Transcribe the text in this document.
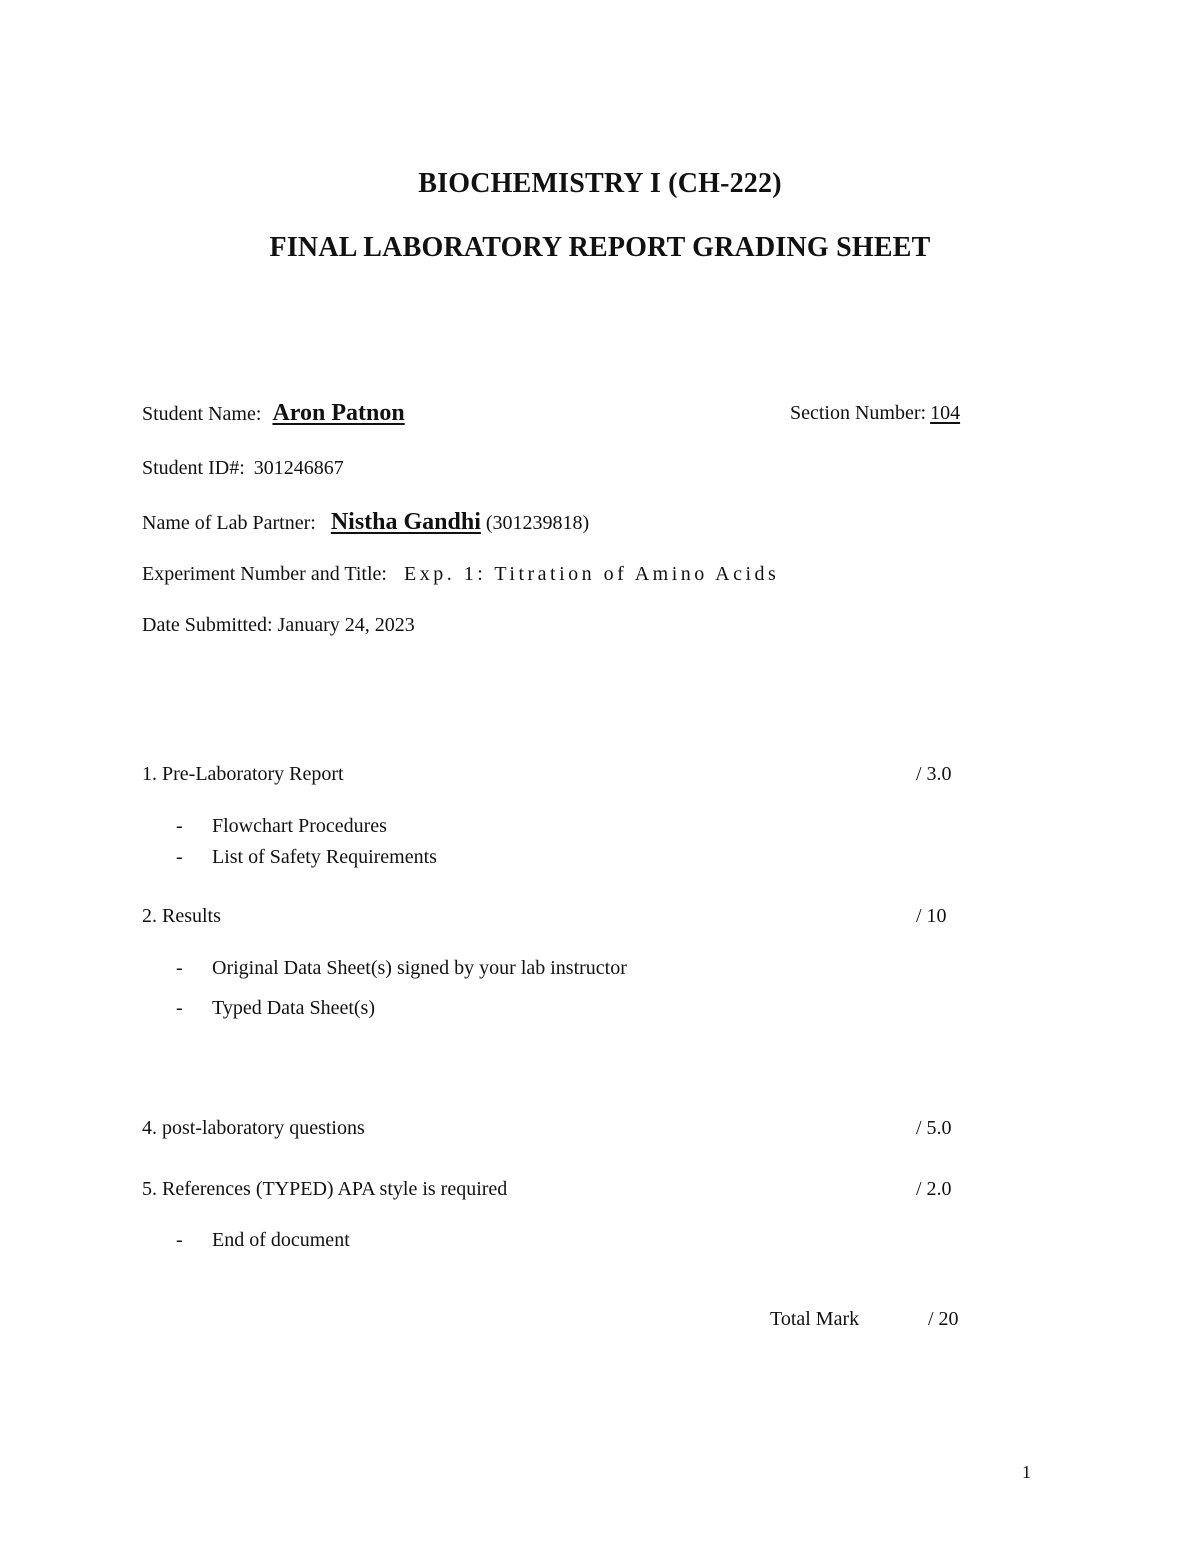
BIOCHEMISTRY I (CH-222)
FINAL LABORATORY REPORT GRADING SHEET
Student Name: Aron Patnon	Section Number: 104
Student ID#: 301246867
Name of Lab Partner: Nistha Gandhi (301239818)
Experiment Number and Title: Exp. 1: Titration of Amino Acids
Date Submitted: January 24, 2023
1. Pre-Laboratory Report	/ 3.0
- Flowchart Procedures
- List of Safety Requirements
2. Results	/ 10
- Original Data Sheet(s) signed by your lab instructor
- Typed Data Sheet(s)
4. post-laboratory questions	/ 5.0
5. References (TYPED) APA style is required	/ 2.0
- End of document
Total Mark	/ 20
1
